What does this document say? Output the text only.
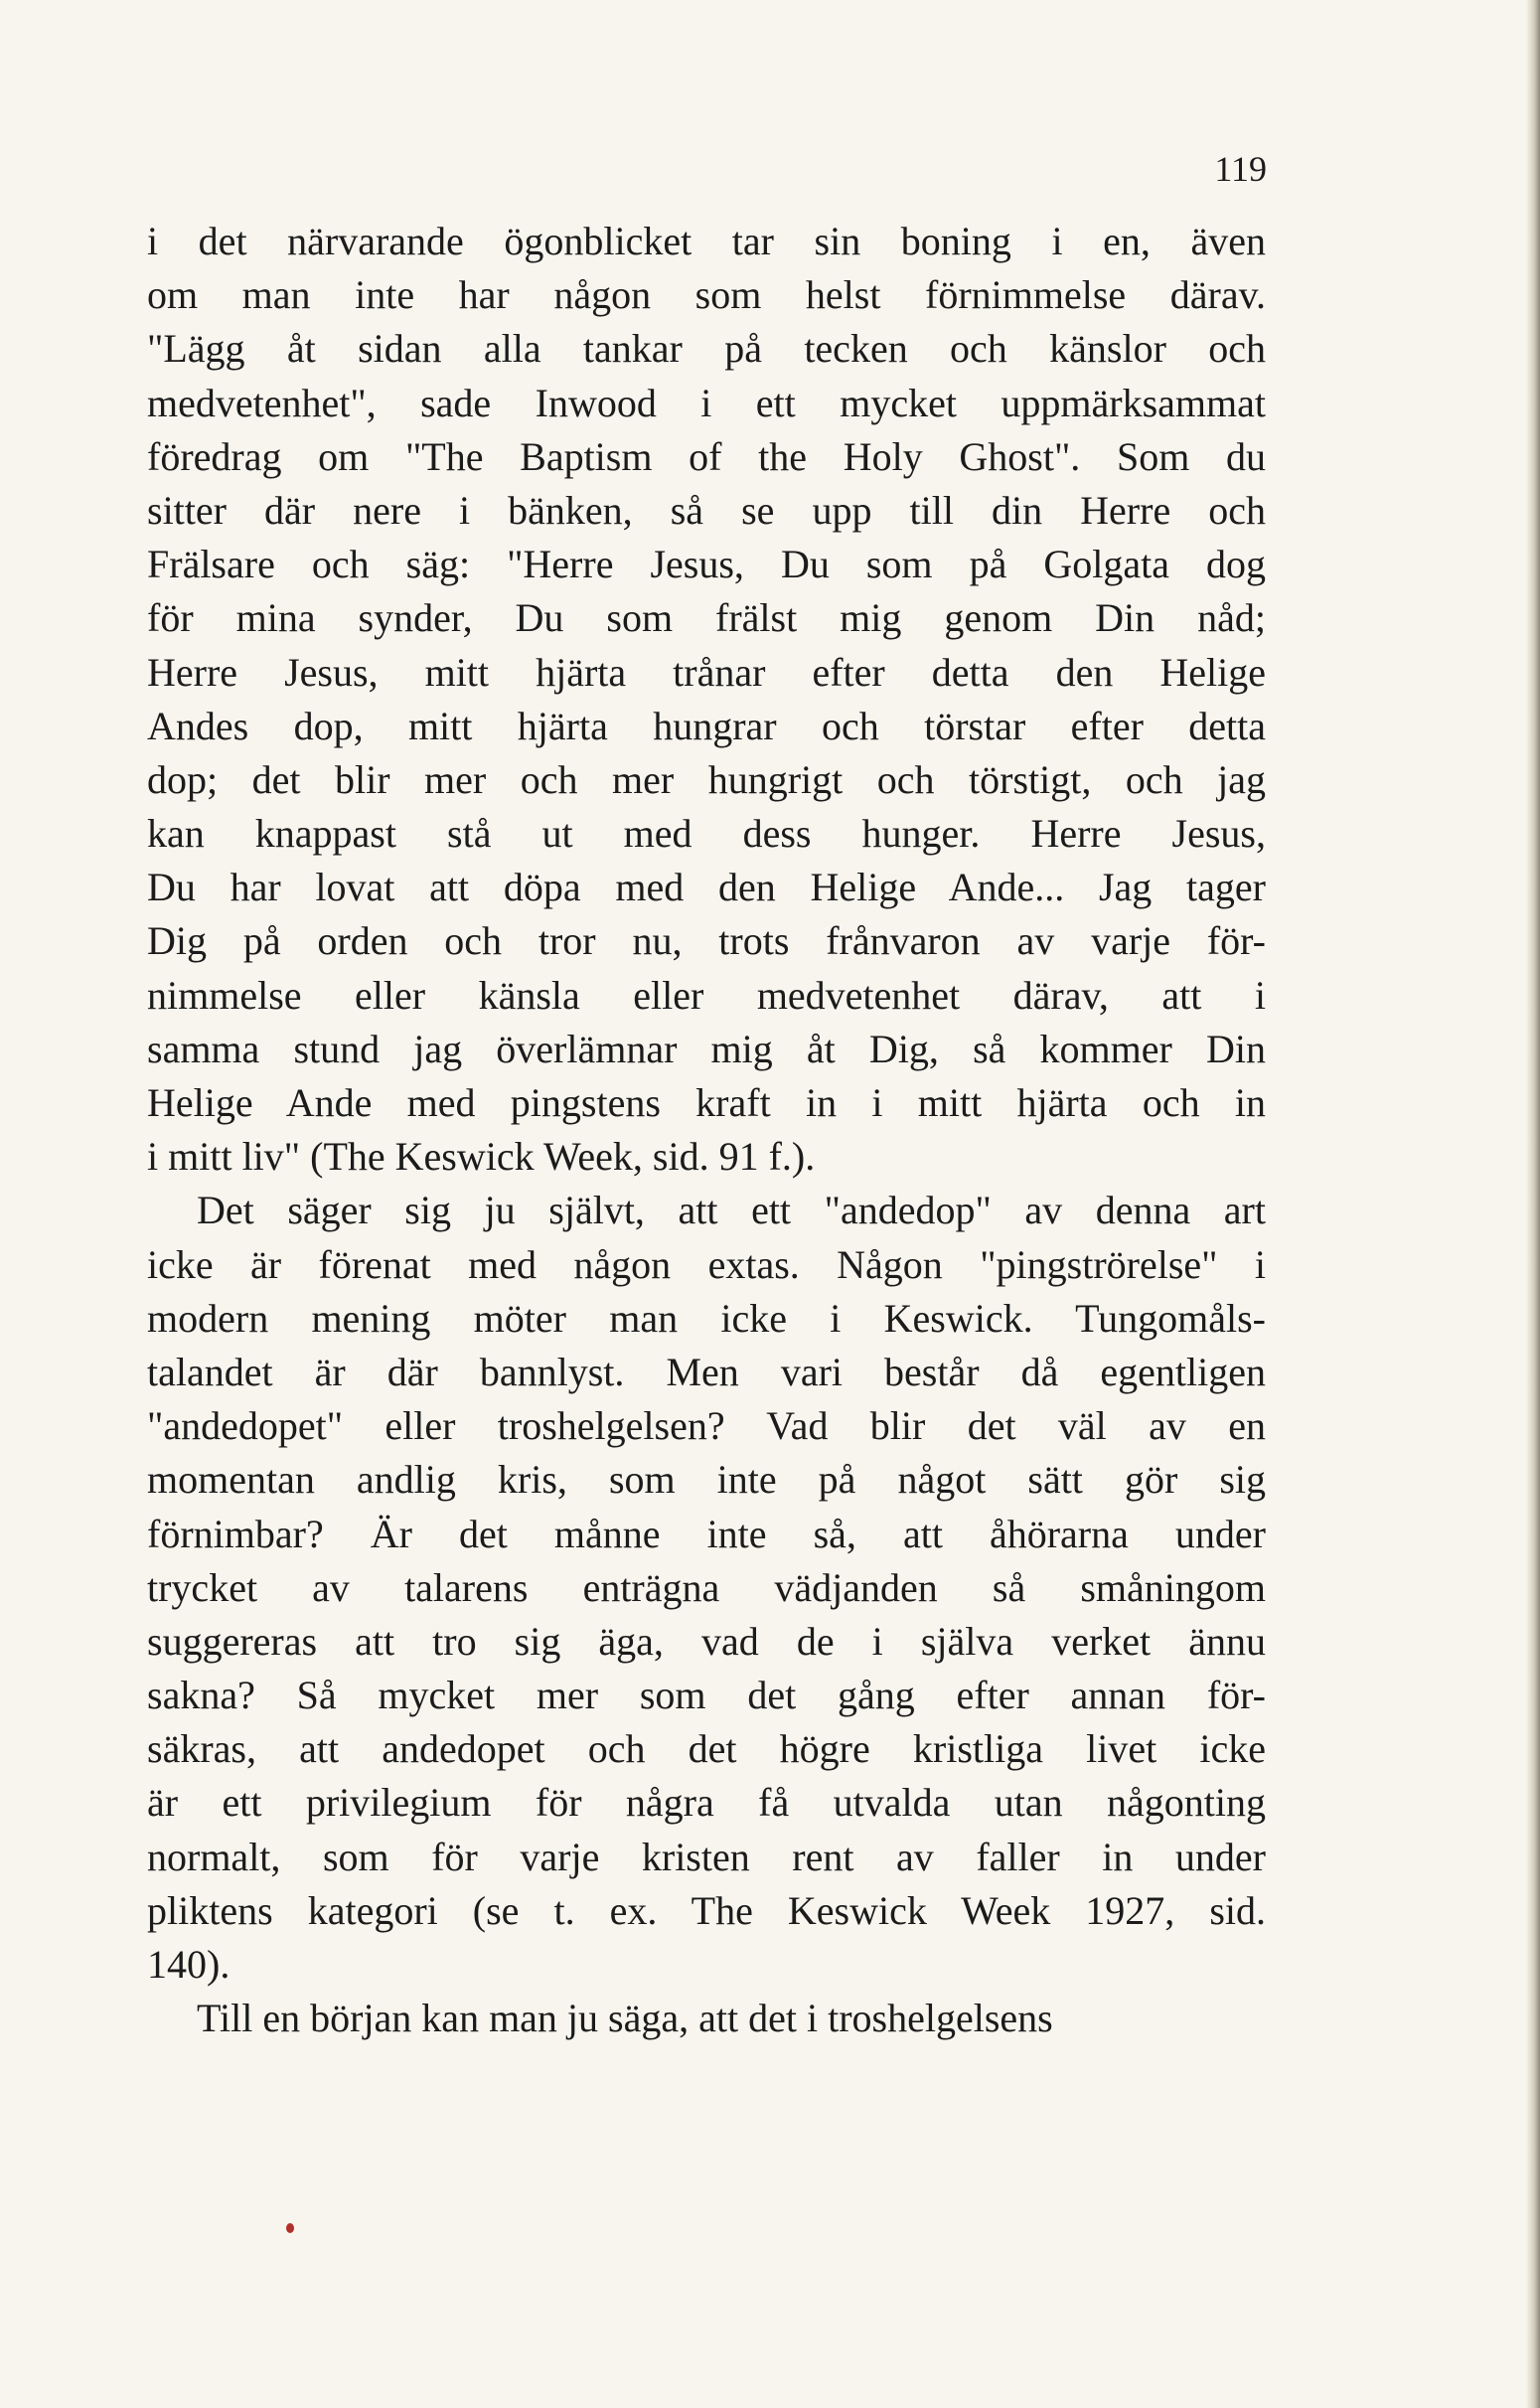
119
i det närvarande ögonblicket tar sin boning i en, även
om man inte har någon som helst förnimmelse därav.
"Lägg åt sidan alla tankar på tecken och känslor och
medvetenhet", sade Inwood i ett mycket uppmärksammat
föredrag om "The Baptism of the Holy Ghost". Som du
sitter där nere i bänken, så se upp till din Herre och
Frälsare och säg: "Herre Jesus, Du som på Golgata dog
för mina synder, Du som frälst mig genom Din nåd;
Herre Jesus, mitt hjärta trånar efter detta den Helige
Andes dop, mitt hjärta hungrar och törstar efter detta
dop; det blir mer och mer hungrigt och törstigt, och jag
kan knappast stå ut med dess hunger. Herre Jesus,
Du har lovat att döpa med den Helige Ande... Jag tager
Dig på orden och tror nu, trots frånvaron av varje för-
nimmelse eller känsla eller medvetenhet därav, att i
samma stund jag överlämnar mig åt Dig, så kommer Din
Helige Ande med pingstens kraft in i mitt hjärta och in
i mitt liv" (The Keswick Week, sid. 91 f.).
Det säger sig ju självt, att ett "andedop" av denna art
icke är förenat med någon extas. Någon "pingströrelse" i
modern mening möter man icke i Keswick. Tungomåls-
talandet är där bannlyst. Men vari består då egentligen
"andedopet" eller troshelgelsen? Vad blir det väl av en
momentan andlig kris, som inte på något sätt gör sig
förnimbar? Är det månne inte så, att åhörarna under
trycket av talarens enträgna vädjanden så småningom
suggereras att tro sig äga, vad de i själva verket ännu
sakna? Så mycket mer som det gång efter annan för-
säkras, att andedopet och det högre kristliga livet icke
är ett privilegium för några få utvalda utan någonting
normalt, som för varje kristen rent av faller in under
pliktens kategori (se t. ex. The Keswick Week 1927, sid.
140).
Till en början kan man ju säga, att det i troshelgelsens
